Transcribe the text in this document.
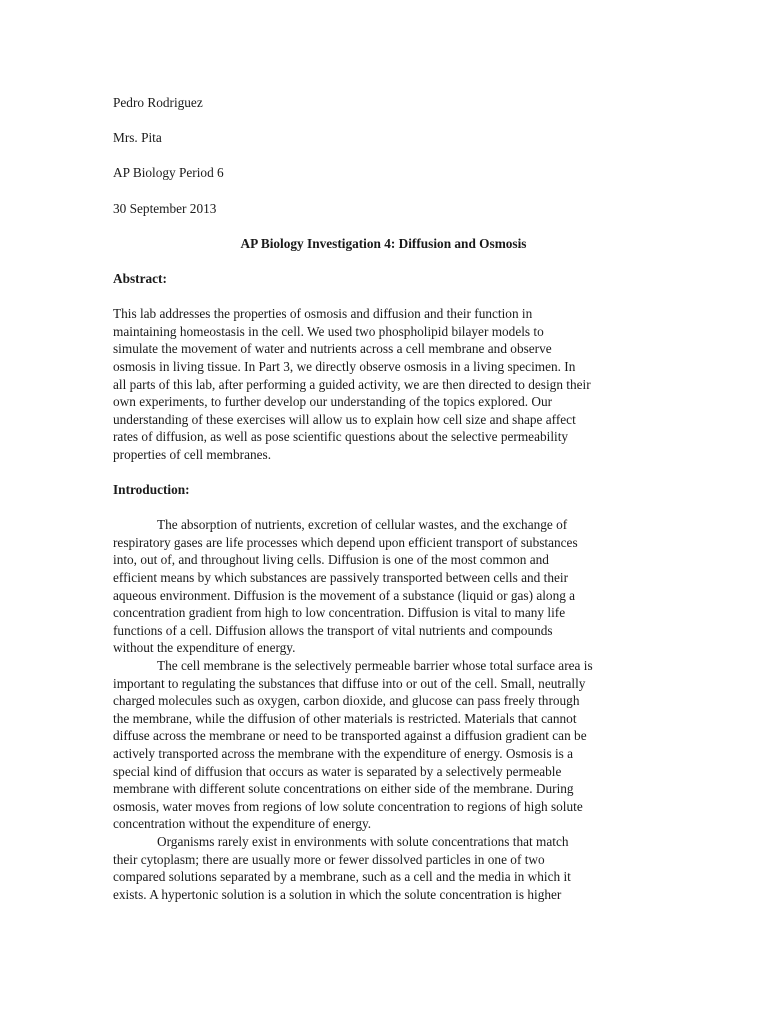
Pedro Rodriguez
Mrs. Pita
AP Biology Period 6
30 September 2013
AP Biology Investigation 4: Diffusion and Osmosis
Abstract:
This lab addresses the properties of osmosis and diffusion and their function in
maintaining homeostasis in the cell. We used two phospholipid bilayer models to
simulate the movement of water and nutrients across a cell membrane and observe
osmosis in living tissue. In Part 3, we directly observe osmosis in a living specimen. In
all parts of this lab, after performing a guided activity, we are then directed to design their
own experiments, to further develop our understanding of the topics explored. Our
understanding of these exercises will allow us to explain how cell size and shape affect
rates of diffusion, as well as pose scientific questions about the selective permeability
properties of cell membranes.
Introduction:
The absorption of nutrients, excretion of cellular wastes, and the exchange of
respiratory gases are life processes which depend upon efficient transport of substances
into, out of, and throughout living cells. Diffusion is one of the most common and
efficient means by which substances are passively transported between cells and their
aqueous environment. Diffusion is the movement of a substance (liquid or gas) along a
concentration gradient from high to low concentration. Diffusion is vital to many life
functions of a cell. Diffusion allows the transport of vital nutrients and compounds
without the expenditure of energy.
The cell membrane is the selectively permeable barrier whose total surface area is
important to regulating the substances that diffuse into or out of the cell. Small, neutrally
charged molecules such as oxygen, carbon dioxide, and glucose can pass freely through
the membrane, while the diffusion of other materials is restricted. Materials that cannot
diffuse across the membrane or need to be transported against a diffusion gradient can be
actively transported across the membrane with the expenditure of energy. Osmosis is a
special kind of diffusion that occurs as water is separated by a selectively permeable
membrane with different solute concentrations on either side of the membrane. During
osmosis, water moves from regions of low solute concentration to regions of high solute
concentration without the expenditure of energy.
Organisms rarely exist in environments with solute concentrations that match
their cytoplasm; there are usually more or fewer dissolved particles in one of two
compared solutions separated by a membrane, such as a cell and the media in which it
exists. A hypertonic solution is a solution in which the solute concentration is higher
